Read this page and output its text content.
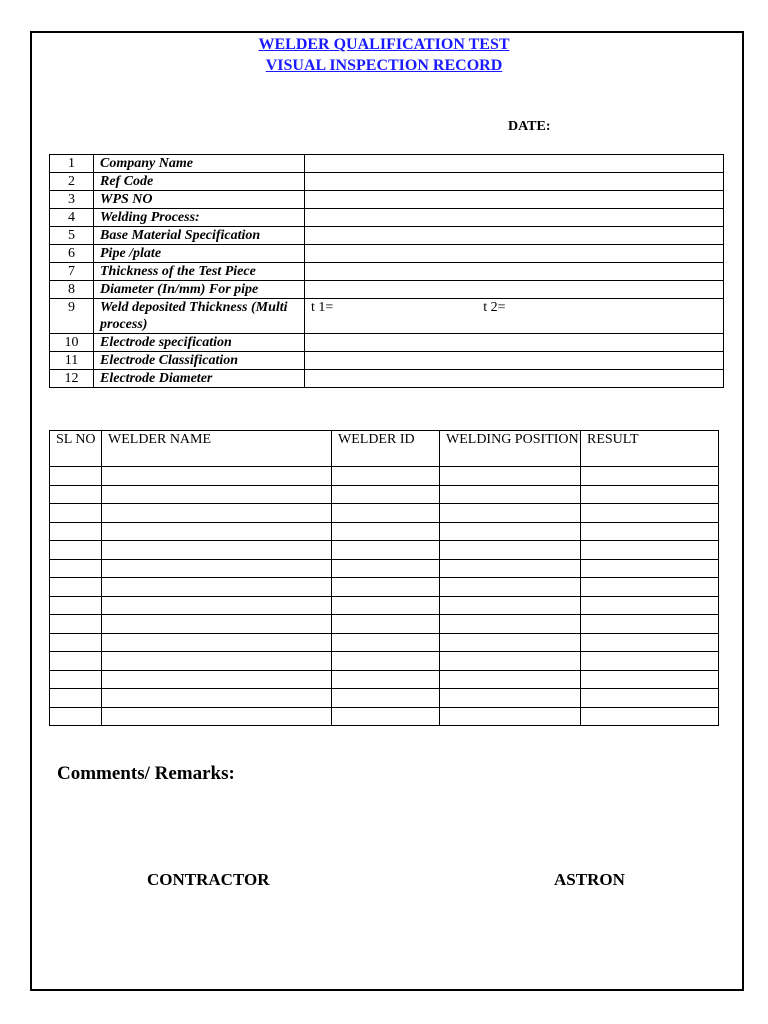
WELDER QUALIFICATION TEST
VISUAL INSPECTION RECORD
DATE:
1	Company Name	
2	Ref Code	
3	WPS NO	
4	Welding Process:	
5	Base Material Specification	
6	Pipe /plate	
7	Thickness of the Test Piece	
8	Diameter (In/mm) For pipe	
9	Weld deposited Thickness (Multi process)	t 1= t 2=
10	Electrode specification	
11	Electrode Classification	
12	Electrode Diameter	
SL NO	WELDER NAME	WELDER ID	WELDING POSITION	RESULT

Comments/ Remarks:
CONTRACTOR	ASTRON
